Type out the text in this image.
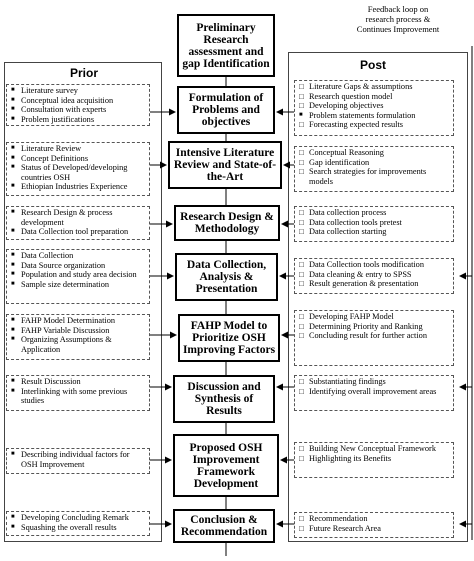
Prior
Post
Feedback loop on
research process &
Continues Improvement
Preliminary Research assessment and gap Identification
Formulation of Problems and objectives
Intensive Literature Review and State-of-the-Art
Research Design & Methodology
Data Collection, Analysis & Presentation
FAHP Model to Prioritize OSH Improving Factors
Discussion and Synthesis of Results
Proposed OSH Improvement Framework Development
Conclusion & Recommendation
■ Literature survey
■ Conceptual idea acquisition
■ Consultation with experts
■ Problem justifications
■ Literature Review
■ Concept Definitions
■ Status of Developed/developing countries OSH
■ Ethiopian Industries Experience
■ Research Design & process development
■ Data Collection tool preparation
■ Data Collection
■ Data Source organization
■ Population and study area decision
■ Sample size determination
■ FAHP Model Determination
■ FAHP Variable Discussion
■ Organizing Assumptions & Application
■ Result Discussion
■ Interlinking with some previous studies
■ Describing individual factors for OSH Improvement
■ Developing Concluding Remark
■ Squashing the overall results
□ Literature Gaps & assumptions
□ Research question model
□ Developing objectives
■ Problem statements formulation
□ Forecasting expected results
□ Conceptual Reasoning
□ Gap identification
□ Search strategies for improvements models
□ Data collection process
□ Data collection tools pretest
□ Data collection starting
□ Data Collection tools modification
□ Data cleaning & entry to SPSS
□ Result generation & presentation
□ Developing FAHP Model
□ Determining Priority and Ranking
□ Concluding result for further action
□ Substantiating findings
□ Identifying overall improvement areas
□ Building New Conceptual Framework
□ Highlighting its Benefits
□ Recommendation
□ Future Research Area
